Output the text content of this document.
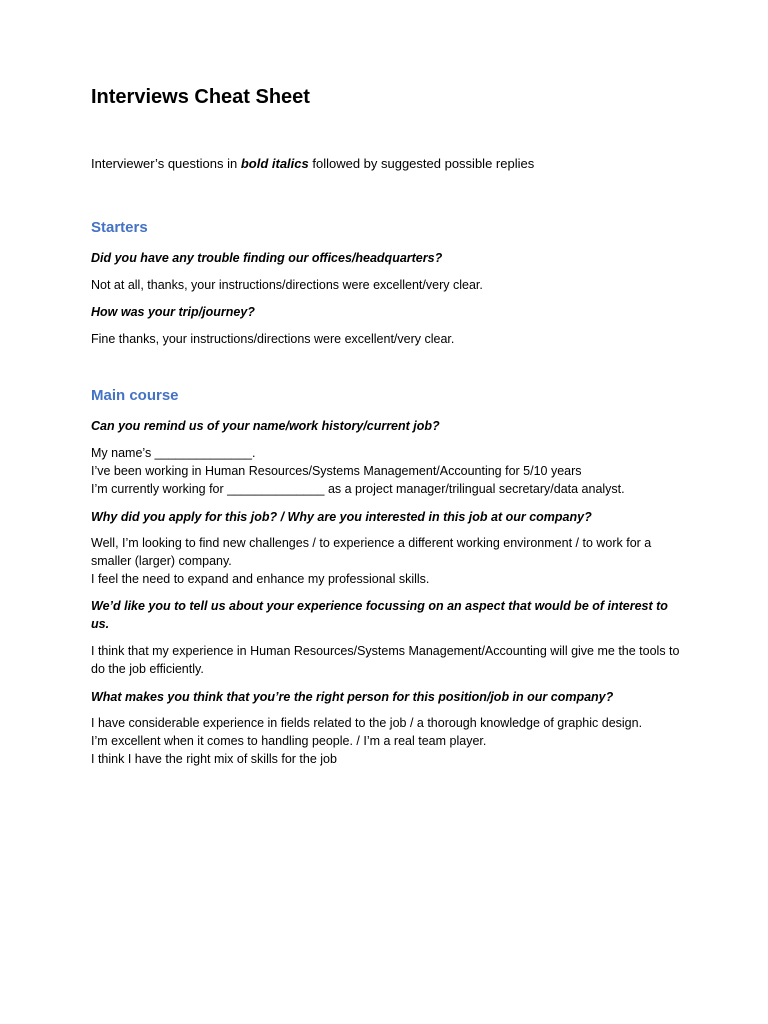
Interviews Cheat Sheet

Interviewer’s questions in bold italics followed by suggested possible replies

Starters

Did you have any trouble finding our offices/headquarters?

Not at all, thanks, your instructions/directions were excellent/very clear.

How was your trip/journey?

Fine thanks, your instructions/directions were excellent/very clear.

Main course

Can you remind us of your name/work history/current job?

My name’s ______________.
I’ve been working in Human Resources/Systems Management/Accounting for 5/10 years
I’m currently working for ______________ as a project manager/trilingual secretary/data analyst.

Why did you apply for this job? / Why are you interested in this job at our company?

Well, I’m looking to find new challenges / to experience a different working environment / to work for a smaller (larger) company.
I feel the need to expand and enhance my professional skills.

We’d like you to tell us about your experience focussing on an aspect that would be of interest to us.

I think that my experience in Human Resources/Systems Management/Accounting will give me the tools to do the job efficiently.

What makes you think that you’re the right person for this position/job in our company?

I have considerable experience in fields related to the job / a thorough knowledge of graphic design.
I’m excellent when it comes to handling people. / I’m a real team player.
I think I have the right mix of skills for the job
